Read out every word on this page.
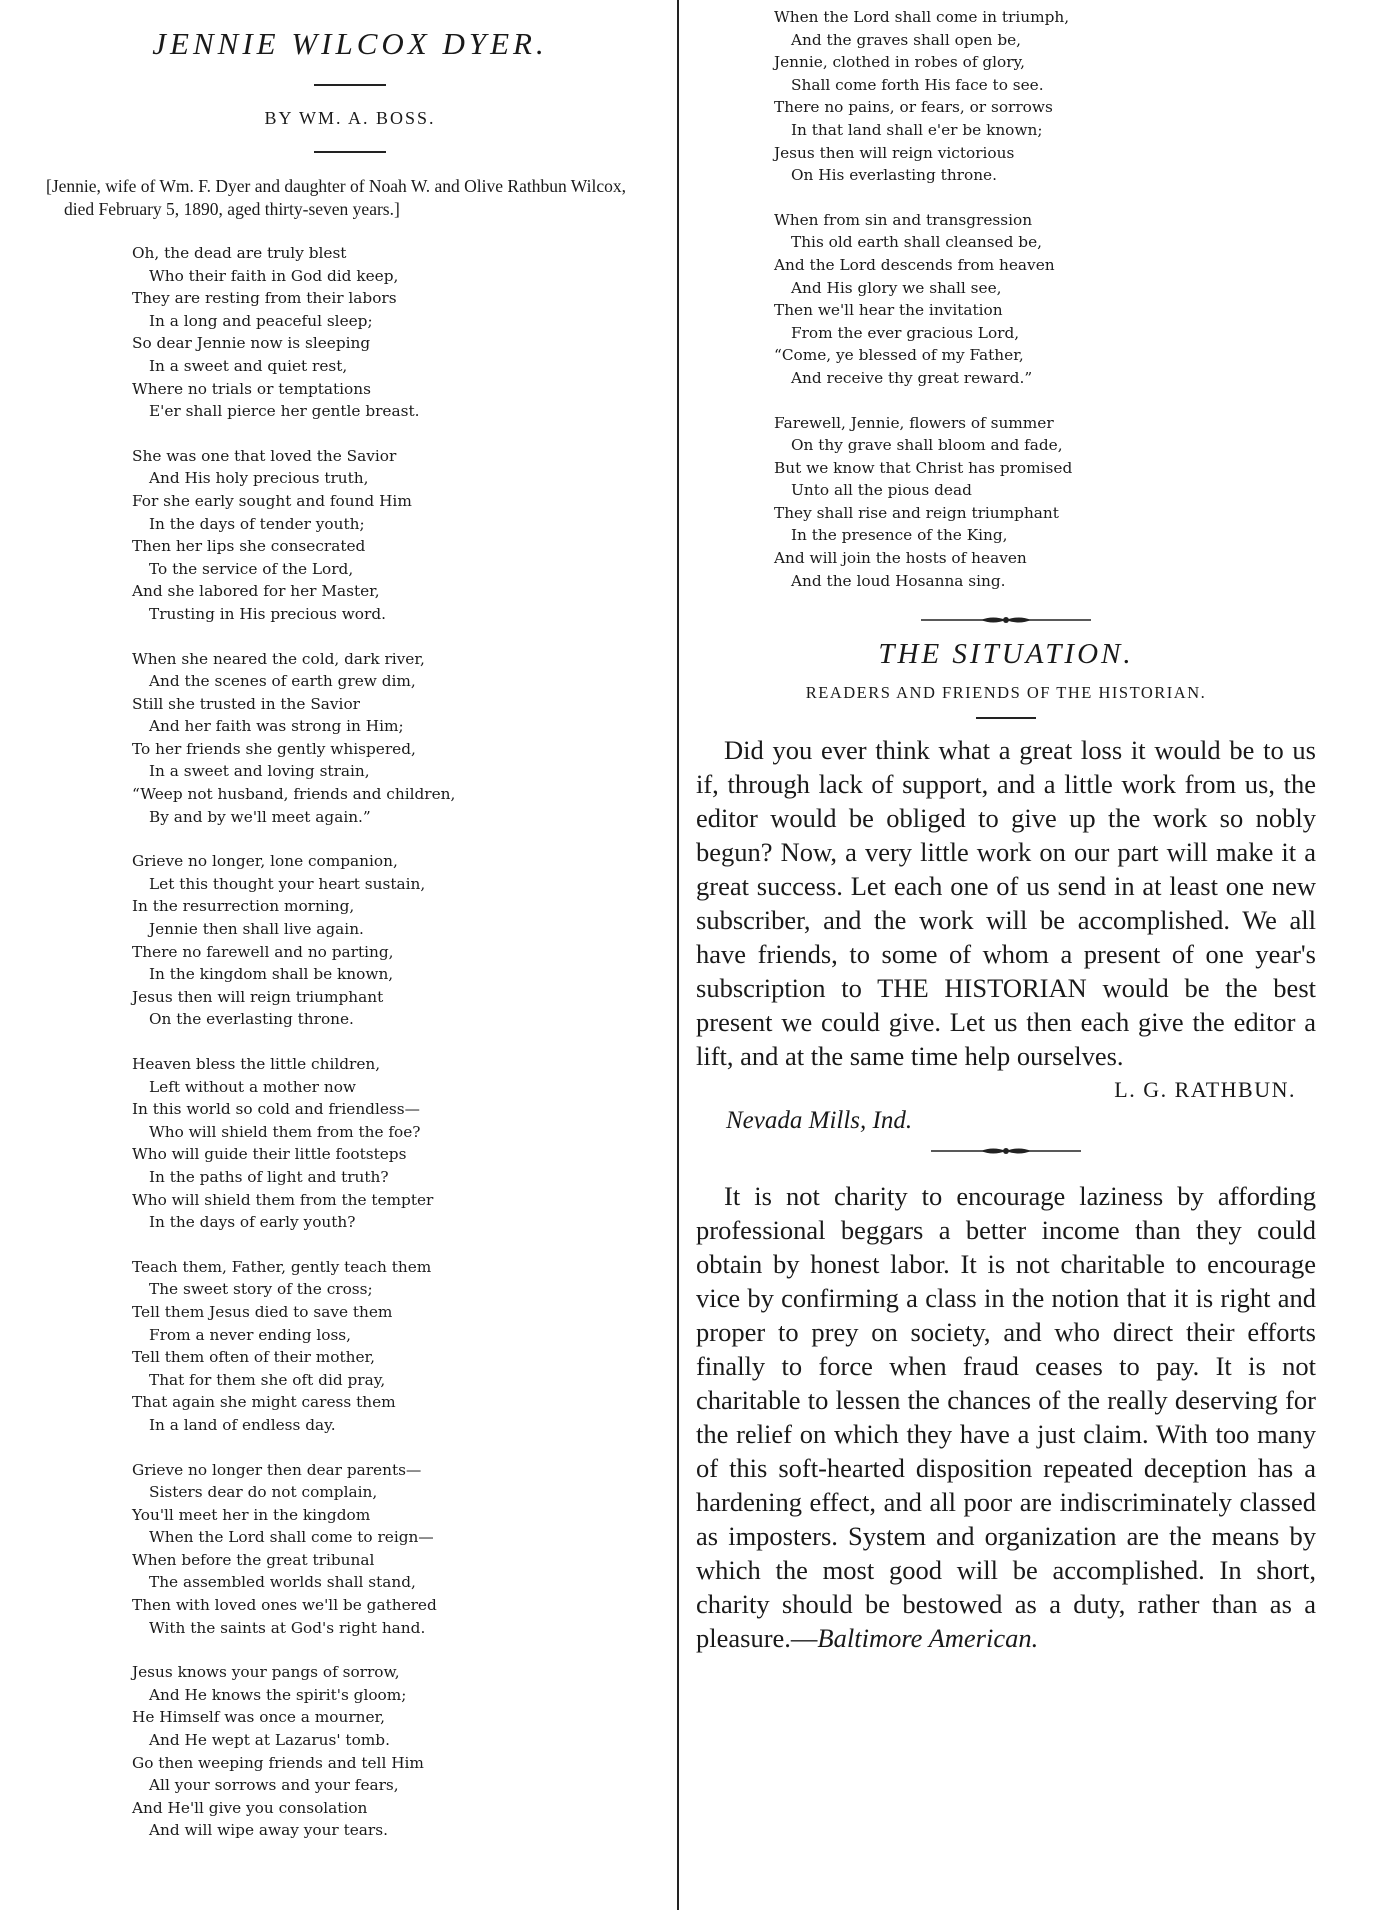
JENNIE WILCOX DYER.
BY WM. A. BOSS.
[Jennie, wife of Wm. F. Dyer and daughter of Noah W. and Olive Rathbun Wilcox, died February 5, 1890, aged thirty-seven years.]
Oh, the dead are truly blest
Who their faith in God did keep,
They are resting from their labors
In a long and peaceful sleep;
So dear Jennie now is sleeping
In a sweet and quiet rest,
Where no trials or temptations
E'er shall pierce her gentle breast.
She was one that loved the Savior
And His holy precious truth,
For she early sought and found Him
In the days of tender youth;
Then her lips she consecrated
To the service of the Lord,
And she labored for her Master,
Trusting in His precious word.
When she neared the cold, dark river,
And the scenes of earth grew dim,
Still she trusted in the Savior
And her faith was strong in Him;
To her friends she gently whispered,
In a sweet and loving strain,
“Weep not husband, friends and children,
By and by we'll meet again.”
Grieve no longer, lone companion,
Let this thought your heart sustain,
In the resurrection morning,
Jennie then shall live again.
There no farewell and no parting,
In the kingdom shall be known,
Jesus then will reign triumphant
On the everlasting throne.
Heaven bless the little children,
Left without a mother now
In this world so cold and friendless—
Who will shield them from the foe?
Who will guide their little footsteps
In the paths of light and truth?
Who will shield them from the tempter
In the days of early youth?
Teach them, Father, gently teach them
The sweet story of the cross;
Tell them Jesus died to save them
From a never ending loss,
Tell them often of their mother,
That for them she oft did pray,
That again she might caress them
In a land of endless day.
Grieve no longer then dear parents—
Sisters dear do not complain,
You'll meet her in the kingdom
When the Lord shall come to reign—
When before the great tribunal
The assembled worlds shall stand,
Then with loved ones we'll be gathered
With the saints at God's right hand.
Jesus knows your pangs of sorrow,
And He knows the spirit's gloom;
He Himself was once a mourner,
And He wept at Lazarus' tomb.
Go then weeping friends and tell Him
All your sorrows and your fears,
And He'll give you consolation
And will wipe away your tears.
When the Lord shall come in triumph,
And the graves shall open be,
Jennie, clothed in robes of glory,
Shall come forth His face to see.
There no pains, or fears, or sorrows
In that land shall e'er be known;
Jesus then will reign victorious
On His everlasting throne.
When from sin and transgression
This old earth shall cleansed be,
And the Lord descends from heaven
And His glory we shall see,
Then we'll hear the invitation
From the ever gracious Lord,
“Come, ye blessed of my Father,
And receive thy great reward.”
Farewell, Jennie, flowers of summer
On thy grave shall bloom and fade,
But we know that Christ has promised
Unto all the pious dead
They shall rise and reign triumphant
In the presence of the King,
And will join the hosts of heaven
And the loud Hosanna sing.
THE SITUATION.
READERS AND FRIENDS OF THE HISTORIAN.

Did you ever think what a great loss it would be to us if, through lack of support, and a little work from us, the editor would be obliged to give up the work so nobly begun? Now, a very little work on our part will make it a great success. Let each one of us send in at least one new subscriber, and the work will be accomplished. We all have friends, to some of whom a present of one year's subscription to THE HISTORIAN would be the best present we could give. Let us then each give the editor a lift, and at the same time help ourselves.

L. G. RATHBUN.
Nevada Mills, Ind.

It is not charity to encourage laziness by affording professional beggars a better income than they could obtain by honest labor. It is not charitable to encourage vice by confirming a class in the notion that it is right and proper to prey on society, and who direct their efforts finally to force when fraud ceases to pay. It is not charitable to lessen the chances of the really deserving for the relief on which they have a just claim. With too many of this soft-hearted disposition repeated deception has a hardening effect, and all poor are indiscriminately classed as imposters. System and organization are the means by which the most good will be accomplished. In short, charity should be bestowed as a duty, rather than as a pleasure.—Baltimore American.
